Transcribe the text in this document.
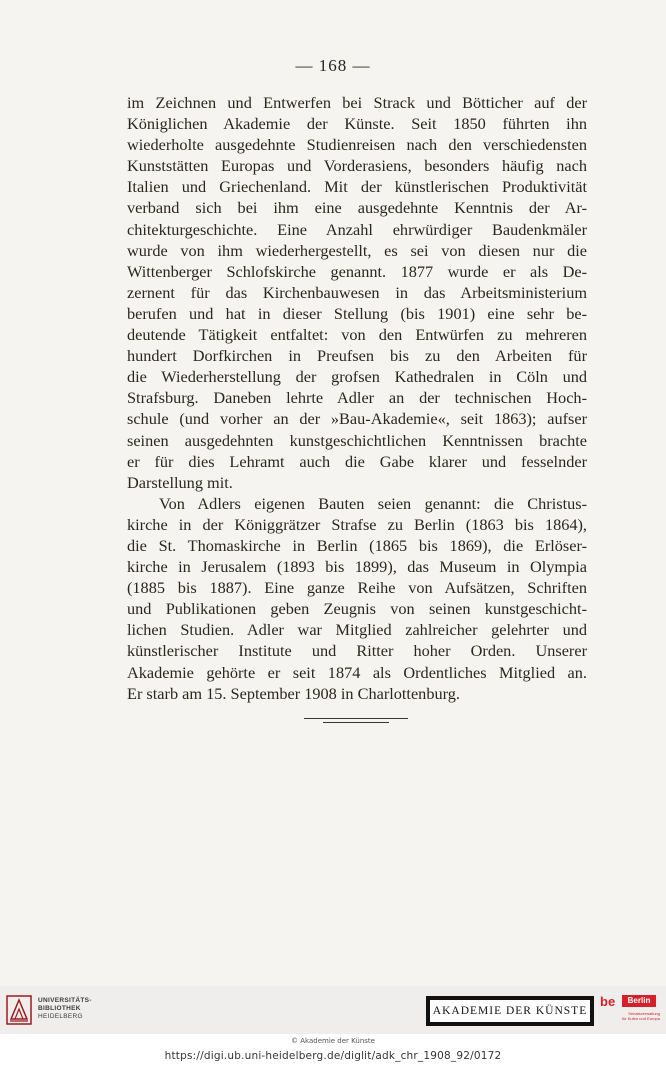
— 168 —
im Zeichnen und Entwerfen bei Strack und Bötticher auf der
Königlichen Akademie der Künste. Seit 1850 führten ihn
wiederholte ausgedehnte Studienreisen nach den verschiedensten
Kunststätten Europas und Vorderasiens, besonders häufig nach
Italien und Griechenland. Mit der künstlerischen Produktivität
verband sich bei ihm eine ausgedehnte Kenntnis der Ar-
chitekturgeschichte. Eine Anzahl ehrwürdiger Baudenkmäler
wurde von ihm wiederhergestellt, es sei von diesen nur die
Wittenberger Schlofskirche genannt. 1877 wurde er als De-
zernent für das Kirchenbauwesen in das Arbeitsministerium
berufen und hat in dieser Stellung (bis 1901) eine sehr be-
deutende Tätigkeit entfaltet: von den Entwürfen zu mehreren
hundert Dorfkirchen in Preufsen bis zu den Arbeiten für
die Wiederherstellung der grofsen Kathedralen in Cöln und
Strafsburg. Daneben lehrte Adler an der technischen Hoch-
schule (und vorher an der »Bau-Akademie«, seit 1863); aufser
seinen ausgedehnten kunstgeschichtlichen Kenntnissen brachte
er für dies Lehramt auch die Gabe klarer und fesselnder
Darstellung mit.
Von Adlers eigenen Bauten seien genannt: die Christus-
kirche in der Königgrätzer Strafse zu Berlin (1863 bis 1864),
die St. Thomaskirche in Berlin (1865 bis 1869), die Erlöser-
kirche in Jerusalem (1893 bis 1899), das Museum in Olympia
(1885 bis 1887). Eine ganze Reihe von Aufsätzen, Schriften
und Publikationen geben Zeugnis von seinen kunstgeschicht-
lichen Studien. Adler war Mitglied zahlreicher gelehrter und
künstlerischer Institute und Ritter hoher Orden. Unserer
Akademie gehörte er seit 1874 als Ordentliches Mitglied an.
Er starb am 15. September 1908 in Charlottenburg.
UNIVERSITÄTS-
BIBLIOTHEK
HEIDELBERG	AKADEMIE DER KÜNSTE
be	Berlin
Senatsverwaltung
für Kultur und Europa
© Akademie der Künste
https://digi.ub.uni-heidelberg.de/diglit/adk_chr_1908_92/0172
